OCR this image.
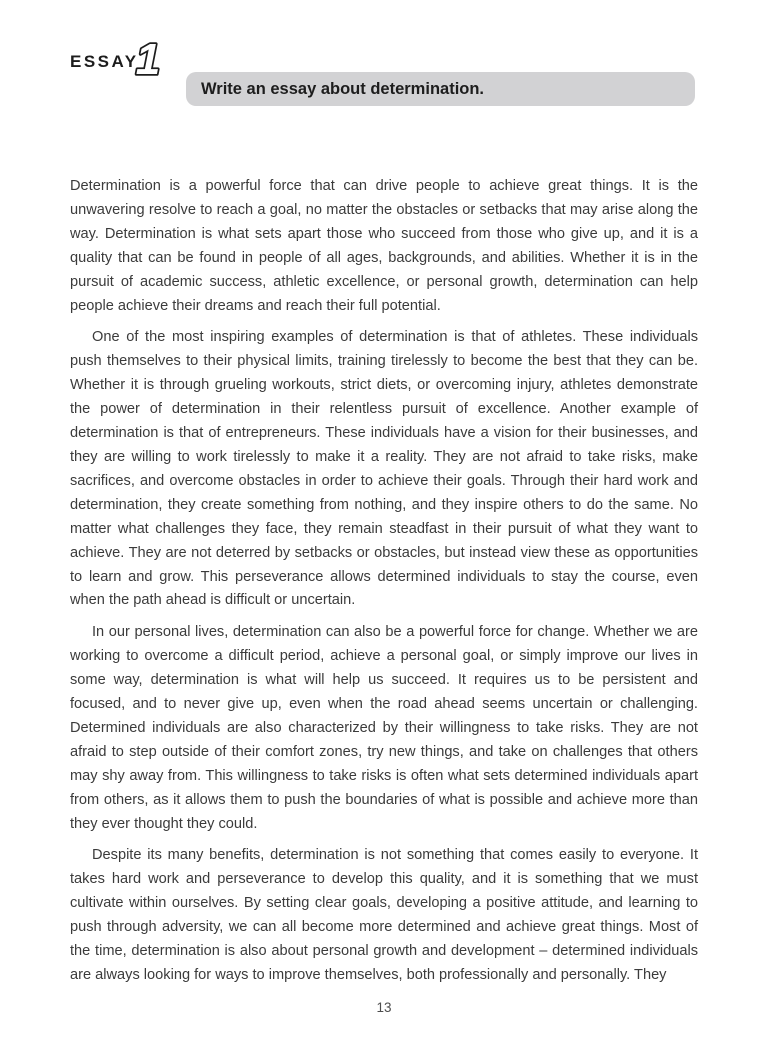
ESSAY
1
Write an essay about determination.

Determination is a powerful force that can drive people to achieve great things. It is the unwavering resolve to reach a goal, no matter the obstacles or setbacks that may arise along the way. Determination is what sets apart those who succeed from those who give up, and it is a quality that can be found in people of all ages, backgrounds, and abilities. Whether it is in the pursuit of academic success, athletic excellence, or personal growth, determination can help people achieve their dreams and reach their full potential.

One of the most inspiring examples of determination is that of athletes. These individuals push themselves to their physical limits, training tirelessly to become the best that they can be. Whether it is through grueling workouts, strict diets, or overcoming injury, athletes demonstrate the power of determination in their relentless pursuit of excellence. Another example of determination is that of entrepreneurs. These individuals have a vision for their businesses, and they are willing to work tirelessly to make it a reality. They are not afraid to take risks, make sacrifices, and overcome obstacles in order to achieve their goals. Through their hard work and determination, they create something from nothing, and they inspire others to do the same. No matter what challenges they face, they remain steadfast in their pursuit of what they want to achieve. They are not deterred by setbacks or obstacles, but instead view these as opportunities to learn and grow. This perseverance allows determined individuals to stay the course, even when the path ahead is difficult or uncertain.

In our personal lives, determination can also be a powerful force for change. Whether we are working to overcome a difficult period, achieve a personal goal, or simply improve our lives in some way, determination is what will help us succeed. It requires us to be persistent and focused, and to never give up, even when the road ahead seems uncertain or challenging. Determined individuals are also characterized by their willingness to take risks. They are not afraid to step outside of their comfort zones, try new things, and take on challenges that others may shy away from. This willingness to take risks is often what sets determined individuals apart from others, as it allows them to push the boundaries of what is possible and achieve more than they ever thought they could.

Despite its many benefits, determination is not something that comes easily to everyone. It takes hard work and perseverance to develop this quality, and it is something that we must cultivate within ourselves. By setting clear goals, developing a positive attitude, and learning to push through adversity, we can all become more determined and achieve great things. Most of the time, determination is also about personal growth and development – determined individuals are always looking for ways to improve themselves, both professionally and personally. They

13
